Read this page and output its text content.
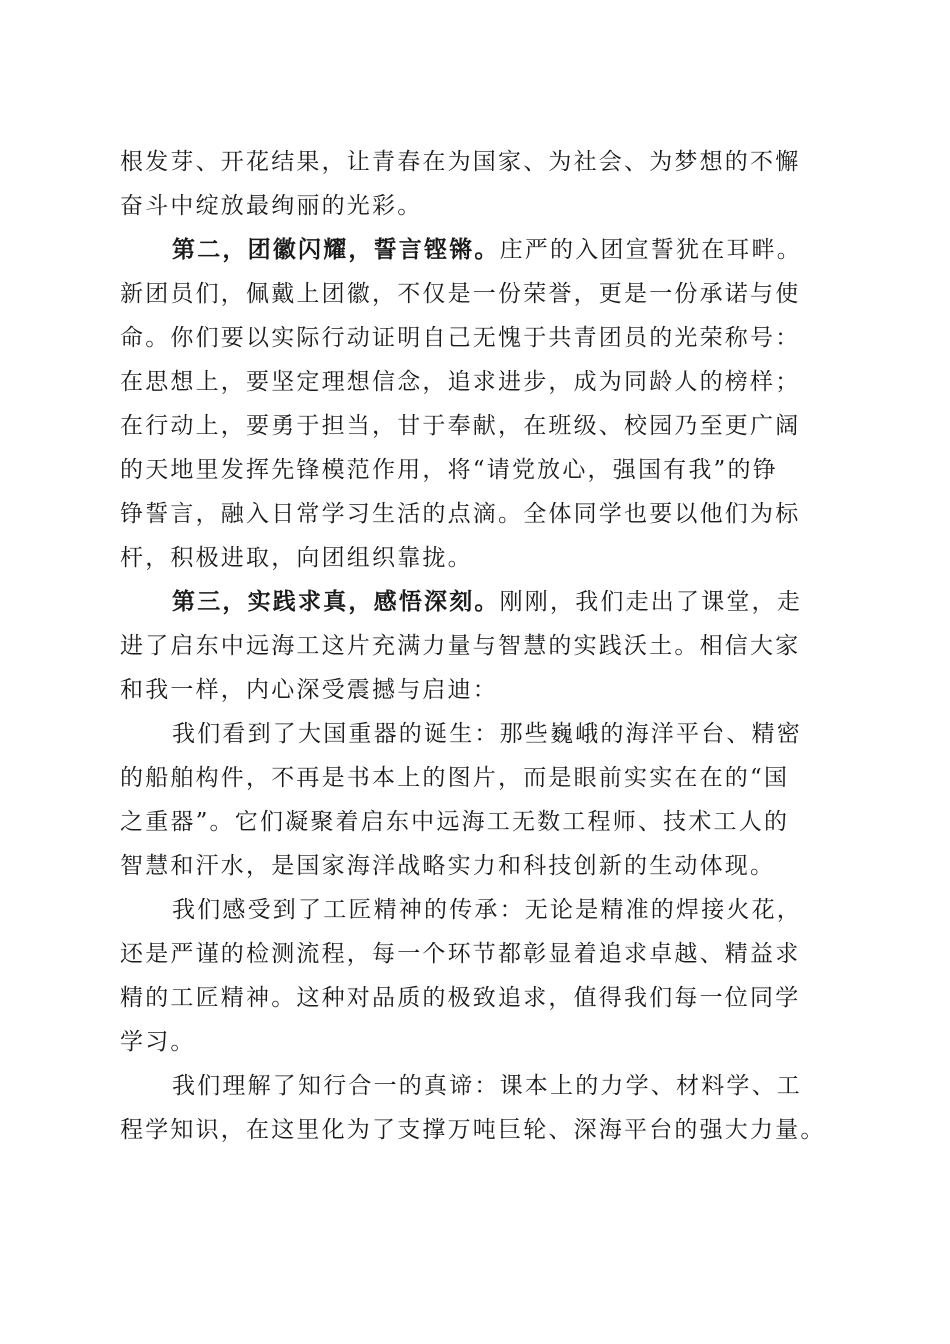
根发芽、开花结果，让青春在为国家、为社会、为梦想的不懈
奋斗中绽放最绚丽的光彩。
第二，团徽闪耀，誓言铿锵。庄严的入团宣誓犹在耳畔。
新团员们，佩戴上团徽，不仅是一份荣誉，更是一份承诺与使
命。你们要以实际行动证明自己无愧于共青团员的光荣称号：
在思想上，要坚定理想信念，追求进步，成为同龄人的榜样；
在行动上，要勇于担当，甘于奉献，在班级、校园乃至更广阔
的天地里发挥先锋模范作用，将“请党放心，强国有我”的铮
铮誓言，融入日常学习生活的点滴。全体同学也要以他们为标
杆，积极进取，向团组织靠拢。
第三，实践求真，感悟深刻。刚刚，我们走出了课堂，走
进了启东中远海工这片充满力量与智慧的实践沃土。相信大家
和我一样，内心深受震撼与启迪：
我们看到了大国重器的诞生：那些巍峨的海洋平台、精密
的船舶构件，不再是书本上的图片，而是眼前实实在在的“国
之重器”。它们凝聚着启东中远海工无数工程师、技术工人的
智慧和汗水，是国家海洋战略实力和科技创新的生动体现。
我们感受到了工匠精神的传承：无论是精准的焊接火花，
还是严谨的检测流程，每一个环节都彰显着追求卓越、精益求
精的工匠精神。这种对品质的极致追求，值得我们每一位同学
学习。
我们理解了知行合一的真谛：课本上的力学、材料学、工
程学知识，在这里化为了支撑万吨巨轮、深海平台的强大力量。
